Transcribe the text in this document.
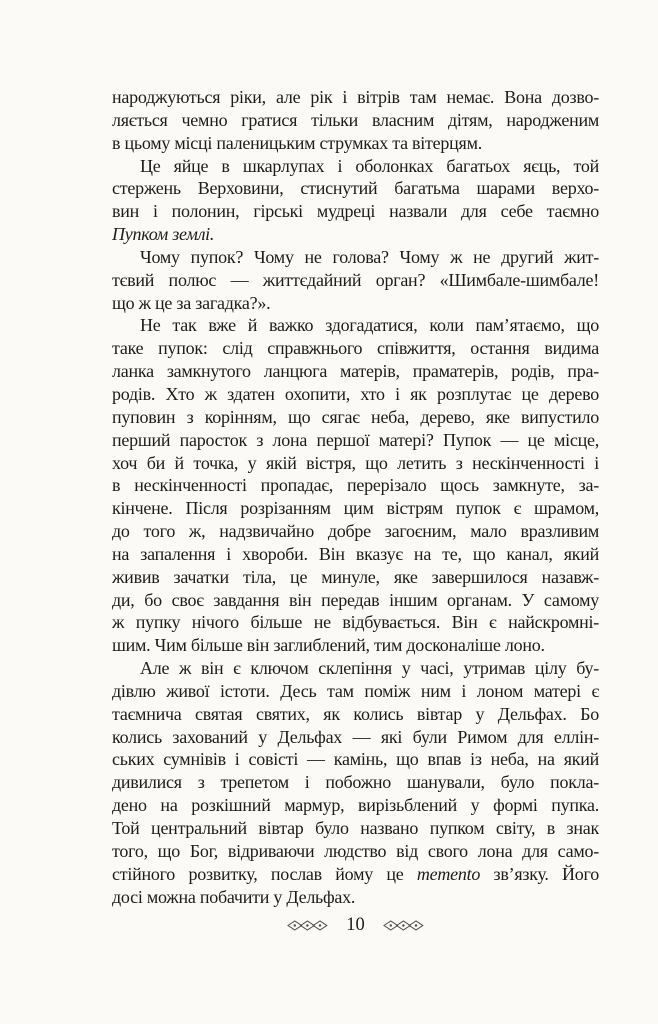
народжуються ріки, але рік і вітрів там немає. Вона дозво-
ляється чемно гратися тільки власним дітям, народженим
в цьому місці паленицьким струмках та вітерцям.
Це яйце в шкарлупах і оболонках багатьох яєць, той
стержень Верховини, стиснутий багатьма шарами верхо-
вин і полонин, гірські мудреці назвали для себе таємно
Пупком землі.
Чому пупок? Чому не голова? Чому ж не другий жит-
тєвий полюс — життєдайний орган? «Шимбале-шимбале!
що ж це за загадка?».
Не так вже й важко здогадатися, коли пам’ятаємо, що
таке пупок: слід справжнього співжиття, остання видима
ланка замкнутого ланцюга матерів, праматерів, родів, пра-
родів. Хто ж здатен охопити, хто і як розплутає це дерево
пуповин з корінням, що сягає неба, дерево, яке випустило
перший паросток з лона першої матері? Пупок — це місце,
хоч би й точка, у якій вістря, що летить з нескінченності і
в нескінченності пропадає, перерізало щось замкнуте, за-
кінчене. Після розрізанням цим вістрям пупок є шрамом,
до того ж, надзвичайно добре загоєним, мало вразливим
на запалення і хвороби. Він вказує на те, що канал, який
живив зачатки тіла, це минуле, яке завершилося назавж-
ди, бо своє завдання він передав іншим органам. У самому
ж пупку нічого більше не відбувається. Він є найскромні-
шим. Чим більше він заглиблений, тим досконаліше лоно.
Але ж він є ключом склепіння у часі, утримав цілу бу-
дівлю живої істоти. Десь там поміж ним і лоном матері є
таємнича святая святих, як колись вівтар у Дельфах. Бо
колись захований у Дельфах — які були Римом для еллін-
ських сумнівів і совісті — камінь, що впав із неба, на який
дивилися з трепетом і побожно шанували, було покла-
дено на розкішний мармур, вирізьблений у формі пупка.
Той центральний вівтар було названо пупком світу, в знак
того, що Бог, відриваючи людство від свого лона для само-
стійного розвитку, послав йому це memento зв’язку. Його
досі можна побачити у Дельфах.
10
